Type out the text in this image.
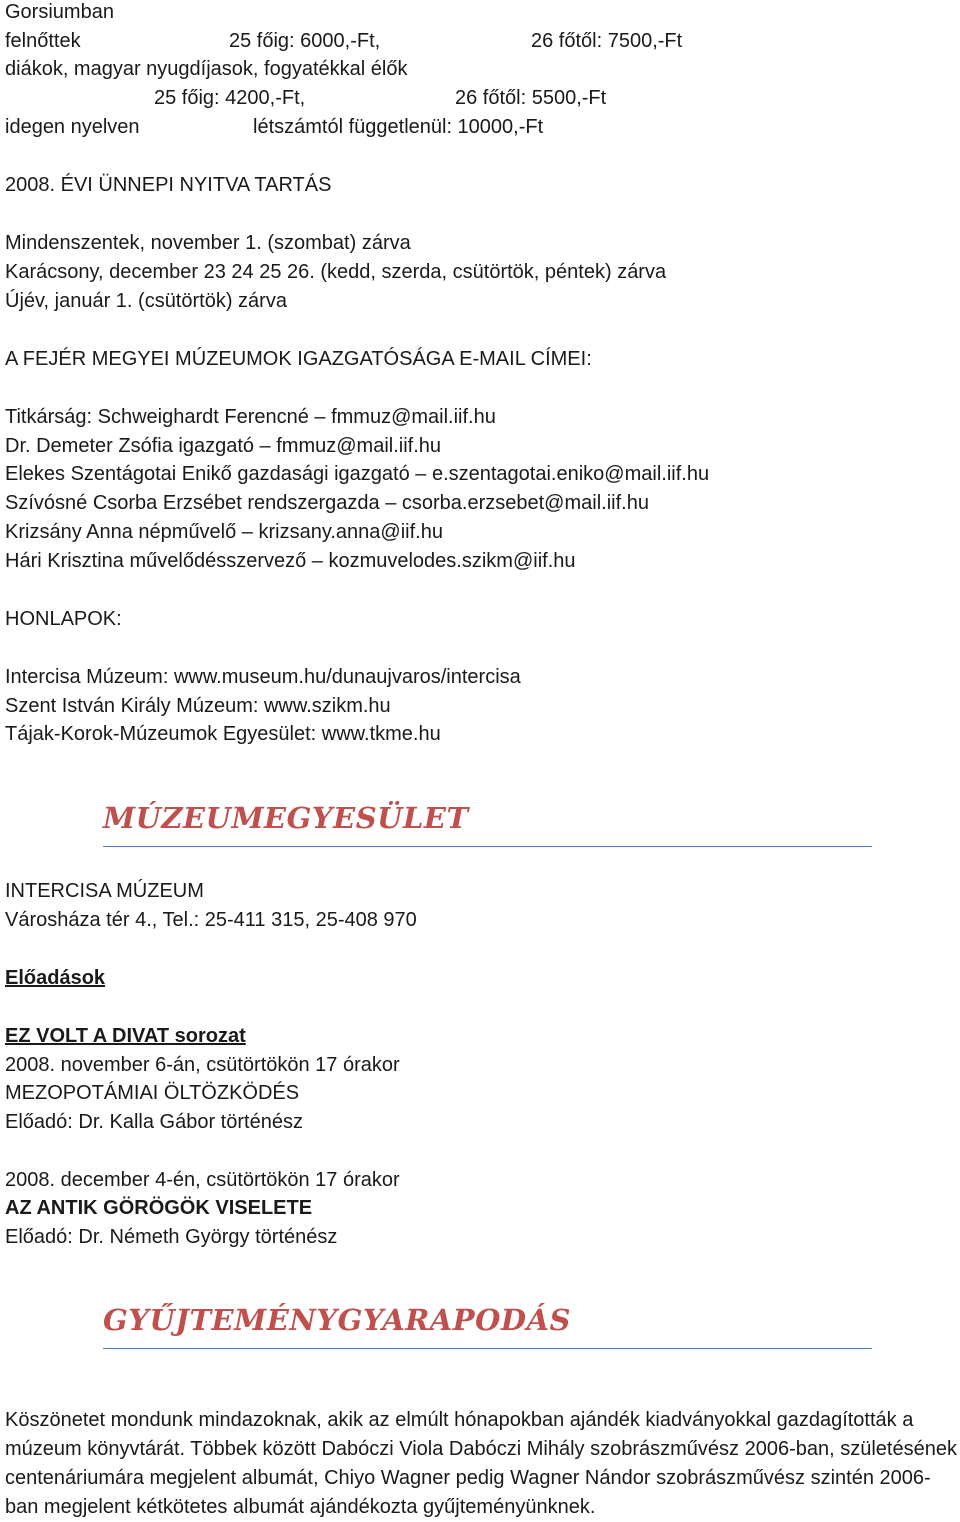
Gorsiumban
felnőttek	25 főig: 6000,-Ft,	26 főtől: 7500,-Ft
diákok, magyar nyugdíjasok, fogyatékkal élők
25 főig: 4200,-Ft,	26 főtől: 5500,-Ft
idegen nyelven	létszámtól függetlenül: 10000,-Ft
2008. ÉVI ÜNNEPI NYITVA TARTÁS
Mindenszentek, november 1. (szombat) zárva
Karácsony, december 23 24 25 26. (kedd, szerda, csütörtök, péntek) zárva
Újév, január 1. (csütörtök) zárva
A FEJÉR MEGYEI MÚZEUMOK IGAZGATÓSÁGA E-MAIL CÍMEI:
Titkárság: Schweighardt Ferencné – fmmuz@mail.iif.hu
Dr. Demeter Zsófia igazgató – fmmuz@mail.iif.hu
Elekes Szentágotai Enikő gazdasági igazgató – e.szentagotai.eniko@mail.iif.hu
Szívósné Csorba Erzsébet rendszergazda – csorba.erzsebet@mail.iif.hu
Krizsány Anna népművelő – krizsany.anna@iif.hu
Hári Krisztina művelődésszervező – kozmuvelodes.szikm@iif.hu
HONLAPOK:
Intercisa Múzeum: www.museum.hu/dunaujvaros/intercisa
Szent István Király Múzeum: www.szikm.hu
Tájak-Korok-Múzeumok Egyesület: www.tkme.hu
MÚZEUMEGYESÜLET
INTERCISA MÚZEUM
Városháza tér 4., Tel.: 25-411 315, 25-408 970
Előadások
EZ VOLT A DIVAT sorozat
2008. november 6-án, csütörtökön 17 órakor
MEZOPOTÁMIAI ÖLTÖZKÖDÉS
Előadó: Dr. Kalla Gábor történész
2008. december 4-én, csütörtökön 17 órakor
AZ ANTIK GÖRÖGÖK VISELETE
Előadó: Dr. Németh György történész
GYŰJTEMÉNYGYARAPODÁS
Köszönetet mondunk mindazoknak, akik az elmúlt hónapokban ajándék kiadványokkal gazdagították a múzeum könyvtárát. Többek között Dabóczi Viola Dabóczi Mihály szobrászművész 2006-ban, születésének centenáriumára megjelent albumát, Chiyo Wagner pedig Wagner Nándor szobrászművész szintén 2006-ban megjelent kétkötetes albumát ajándékozta gyűjteményünknek.
